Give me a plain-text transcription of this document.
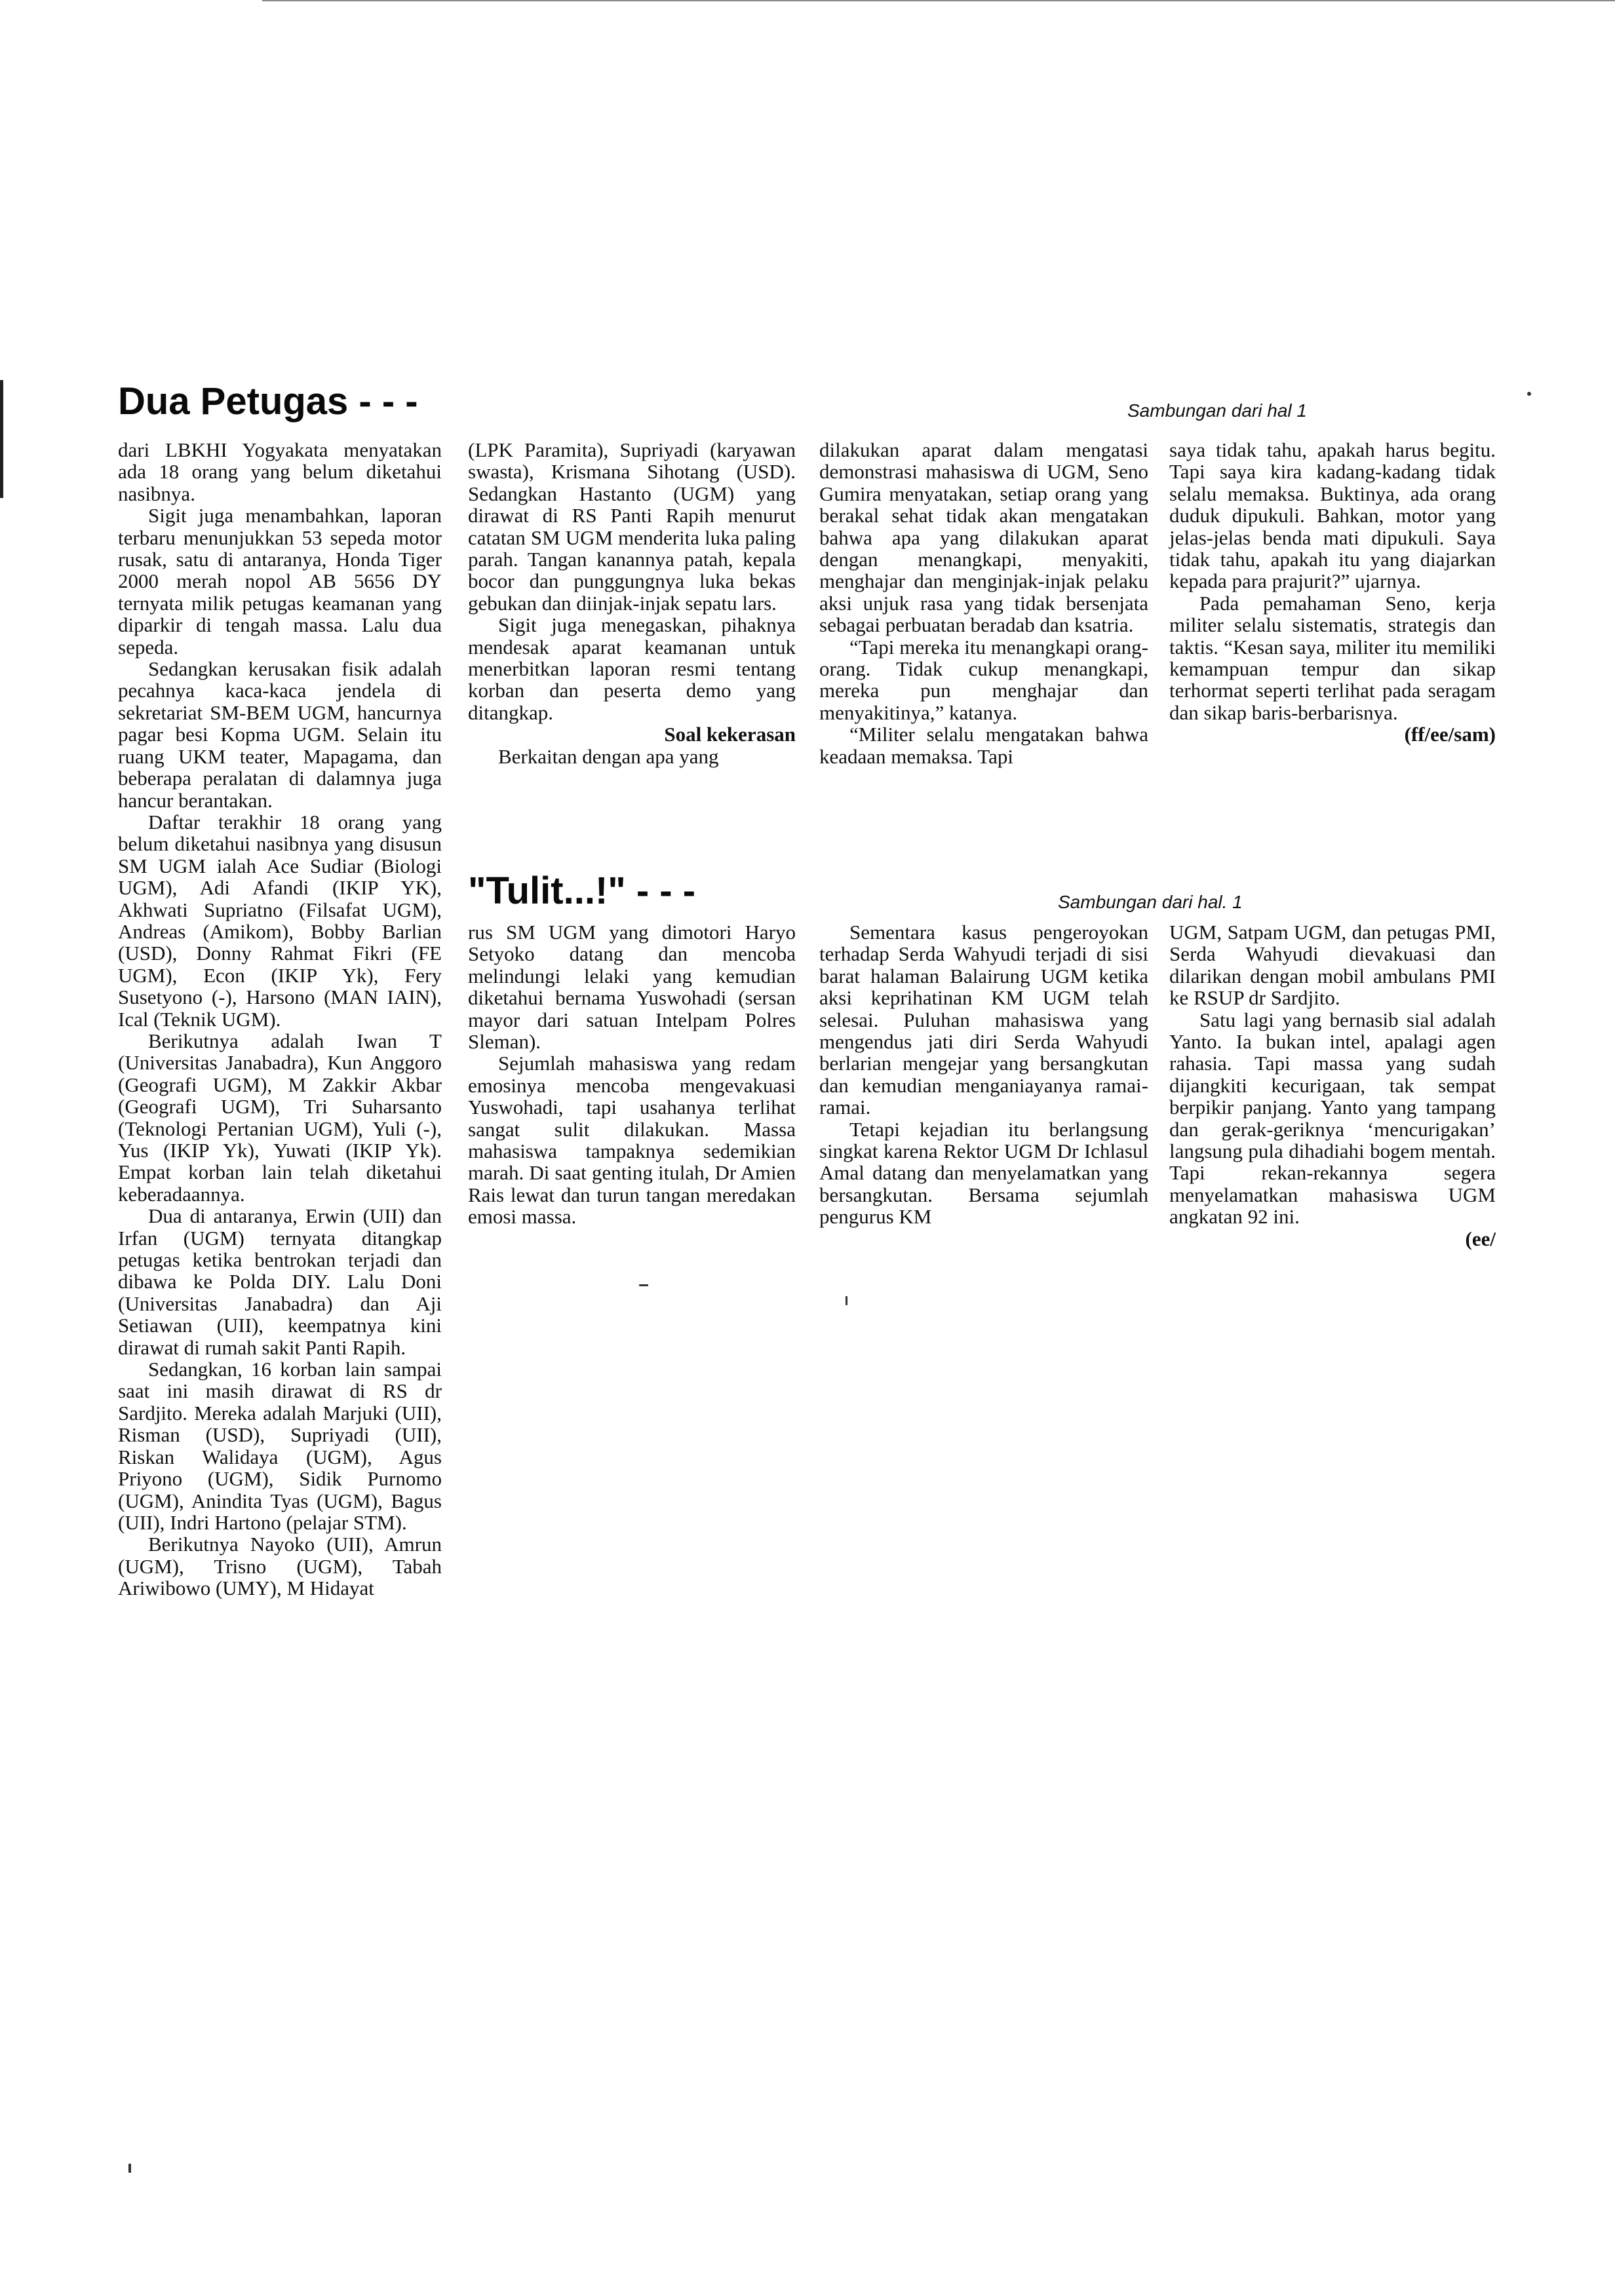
Dua Petugas - - -	Sambungan dari hal 1

dari LBKHI Yogyakata menyatakan ada 18 orang yang belum diketahui nasibnya.

Sigit juga menambahkan, laporan terbaru menunjukkan 53 sepeda motor rusak, satu di antaranya, Honda Tiger 2000 merah nopol AB 5656 DY ternyata milik petugas keamanan yang diparkir di tengah massa. Lalu dua sepeda.

Sedangkan kerusakan fisik adalah pecahnya kaca-kaca jendela di sekretariat SM-BEM UGM, hancurnya pagar besi Kopma UGM. Selain itu ruang UKM teater, Mapagama, dan beberapa peralatan di dalamnya juga hancur berantakan.

Daftar terakhir 18 orang yang belum diketahui nasibnya yang disusun SM UGM ialah Ace Sudiar (Biologi UGM), Adi Afandi (IKIP YK), Akhwati Supriatno (Filsafat UGM), Andreas (Amikom), Bobby Barlian (USD), Donny Rahmat Fikri (FE UGM), Econ (IKIP Yk), Fery Susetyono (-), Harsono (MAN IAIN), Ical (Teknik UGM).

Berikutnya adalah Iwan T (Universitas Janabadra), Kun Anggoro (Geografi UGM), M Zakkir Akbar (Geografi UGM), Tri Suharsanto (Teknologi Pertanian UGM), Yuli (-), Yus (IKIP Yk), Yuwati (IKIP Yk). Empat korban lain telah diketahui keberadaannya.

Dua di antaranya, Erwin (UII) dan Irfan (UGM) ternyata ditangkap petugas ketika bentrokan terjadi dan dibawa ke Polda DIY. Lalu Doni (Universitas Janabadra) dan Aji Setiawan (UII), keempatnya kini dirawat di rumah sakit Panti Rapih.

Sedangkan, 16 korban lain sampai saat ini masih dirawat di RS dr Sardjito. Mereka adalah Marjuki (UII), Risman (USD), Supriyadi (UII), Riskan Walidaya (UGM), Agus Priyono (UGM), Sidik Purnomo (UGM), Anindita Tyas (UGM), Bagus (UII), Indri Hartono (pelajar STM).

Berikutnya Nayoko (UII), Amrun (UGM), Trisno (UGM), Tabah Ariwibowo (UMY), M Hidayat

(LPK Paramita), Supriyadi (karyawan swasta), Krismana Sihotang (USD). Sedangkan Hastanto (UGM) yang dirawat di RS Panti Rapih menurut catatan SM UGM menderita luka paling parah. Tangan kanannya patah, kepala bocor dan punggungnya luka bekas gebukan dan diinjak-injak sepatu lars.

Sigit juga menegaskan, pihaknya mendesak aparat keamanan untuk menerbitkan laporan resmi tentang korban dan peserta demo yang ditangkap.

Soal kekerasan

Berkaitan dengan apa yang

dilakukan aparat dalam mengatasi demonstrasi mahasiswa di UGM, Seno Gumira menyatakan, setiap orang yang berakal sehat tidak akan mengatakan bahwa apa yang dilakukan aparat dengan menangkapi, menyakiti, menghajar dan menginjak-injak pelaku aksi unjuk rasa yang tidak bersenjata sebagai perbuatan beradab dan ksatria.

“Tapi mereka itu menangkapi orang-orang. Tidak cukup menangkapi, mereka pun menghajar dan menyakitinya,” katanya.

“Militer selalu mengatakan bahwa keadaan memaksa. Tapi

saya tidak tahu, apakah harus begitu. Tapi saya kira kadang-kadang tidak selalu memaksa. Buktinya, ada orang duduk dipukuli. Bahkan, motor yang jelas-jelas benda mati dipukuli. Saya tidak tahu, apakah itu yang diajarkan kepada para prajurit?” ujarnya.

Pada pemahaman Seno, kerja militer selalu sistematis, strategis dan taktis. “Kesan saya, militer itu memiliki kemampuan tempur dan sikap terhormat seperti terlihat pada seragam dan sikap baris-berbarisnya.

(ff/ee/sam)

"Tulit...!" - - -	Sambungan dari hal. 1

rus SM UGM yang dimotori Haryo Setyoko datang dan mencoba melindungi lelaki yang kemudian diketahui bernama Yuswohadi (sersan mayor dari satuan Intelpam Polres Sleman).

Sejumlah mahasiswa yang redam emosinya mencoba mengevakuasi Yuswohadi, tapi usahanya terlihat sangat sulit dilakukan. Massa mahasiswa tampaknya sedemikian marah. Di saat genting itulah, Dr Amien Rais lewat dan turun tangan meredakan emosi massa.

Sementara kasus pengeroyokan terhadap Serda Wahyudi terjadi di sisi barat halaman Balairung UGM ketika aksi keprihatinan KM UGM telah selesai. Puluhan mahasiswa yang mengendus jati diri Serda Wahyudi berlarian mengejar yang bersangkutan dan kemudian menganiayanya ramai-ramai.

Tetapi kejadian itu berlangsung singkat karena Rektor UGM Dr Ichlasul Amal datang dan menyelamatkan yang bersangkutan. Bersama sejumlah pengurus KM

UGM, Satpam UGM, dan petugas PMI, Serda Wahyudi dievakuasi dan dilarikan dengan mobil ambulans PMI ke RSUP dr Sardjito.

Satu lagi yang bernasib sial adalah Yanto. Ia bukan intel, apalagi agen rahasia. Tapi massa yang sudah dijangkiti kecurigaan, tak sempat berpikir panjang. Yanto yang tampang dan gerak-geriknya ‘mencurigakan’ langsung pula dihadiahi bogem mentah. Tapi rekan-rekannya segera menyelamatkan mahasiswa UGM angkatan 92 ini.

(ee/
